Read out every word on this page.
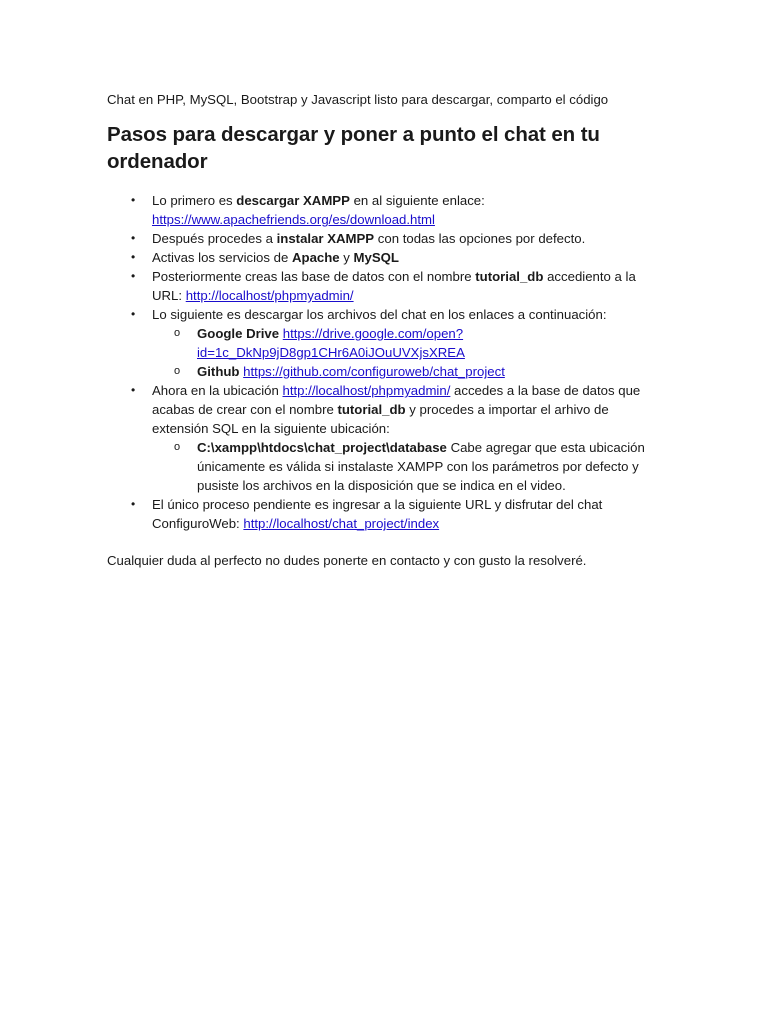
Chat en PHP, MySQL, Bootstrap y Javascript listo para descargar, comparto el código

Pasos para descargar y poner a punto el chat en tu ordenador
• Lo primero es descargar XAMPP en al siguiente enlace: https://www.apachefriends.org/es/download.html
• Después procedes a instalar XAMPP con todas las opciones por defecto.
• Activas los servicios de Apache y MySQL
• Posteriormente creas las base de datos con el nombre tutorial_db accediento a la URL: http://localhost/phpmyadmin/
• Lo siguiente es descargar los archivos del chat en los enlaces a continuación:
o Google Drive https://drive.google.com/open?id=1c_DkNp9jD8gp1CHr6A0iJOuUVXjsXREA
o Github https://github.com/configuroweb/chat_project
• Ahora en la ubicación http://localhost/phpmyadmin/ accedes a la base de datos que acabas de crear con el nombre tutorial_db y procedes a importar el arhivo de extensión SQL en la siguiente ubicación:
o C:\xampp\htdocs\chat_project\database Cabe agregar que esta ubicación únicamente es válida si instalaste XAMPP con los parámetros por defecto y pusiste los archivos en la disposición que se indica en el video.
• El único proceso pendiente es ingresar a la siguiente URL y disfrutar del chat ConfiguroWeb: http://localhost/chat_project/index

Cualquier duda al perfecto no dudes ponerte en contacto y con gusto la resolveré.
